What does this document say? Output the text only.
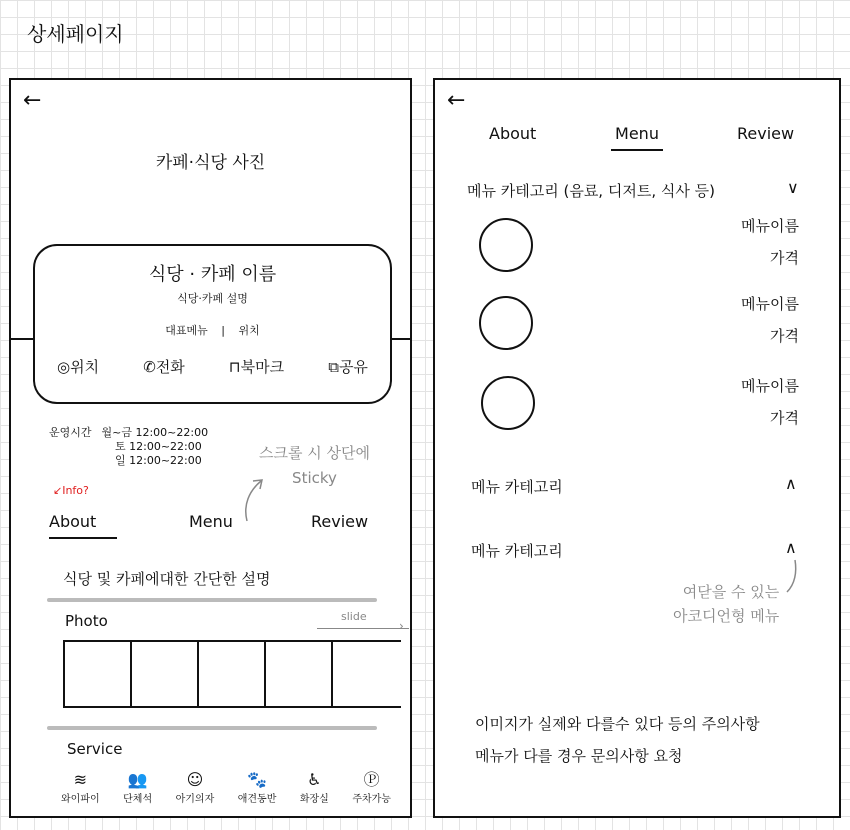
상세페이지
←
카페·식당 사진
식당 · 카페 이름
식당·카페 설명
대표메뉴 | 위치
◎위치	✆전화	⊓북마크	⧉공유
운영시간 월~금 12:00~22:00
토 12:00~22:00
일 12:00~22:00	스크롤 시 상단에
Sticky
↙Info?
About	Menu	Review
식당 및 카페에대한 간단한 설명
Photo	slide
›
Service
≋
와이파이
👥
단체석
☺
아기의자
🐾
애견동반
♿
화장실
Ⓟ
주차가능
←
About	Menu	Review
메뉴 카테고리 (음료, 디저트, 식사 등)	∨
메뉴이름
가격
메뉴이름
가격
메뉴이름
가격
메뉴 카테고리	∧
메뉴 카테고리	∧
여닫을 수 있는
아코디언형 메뉴
이미지가 실제와 다를수 있다 등의 주의사항
메뉴가 다를 경우 문의사항 요청
